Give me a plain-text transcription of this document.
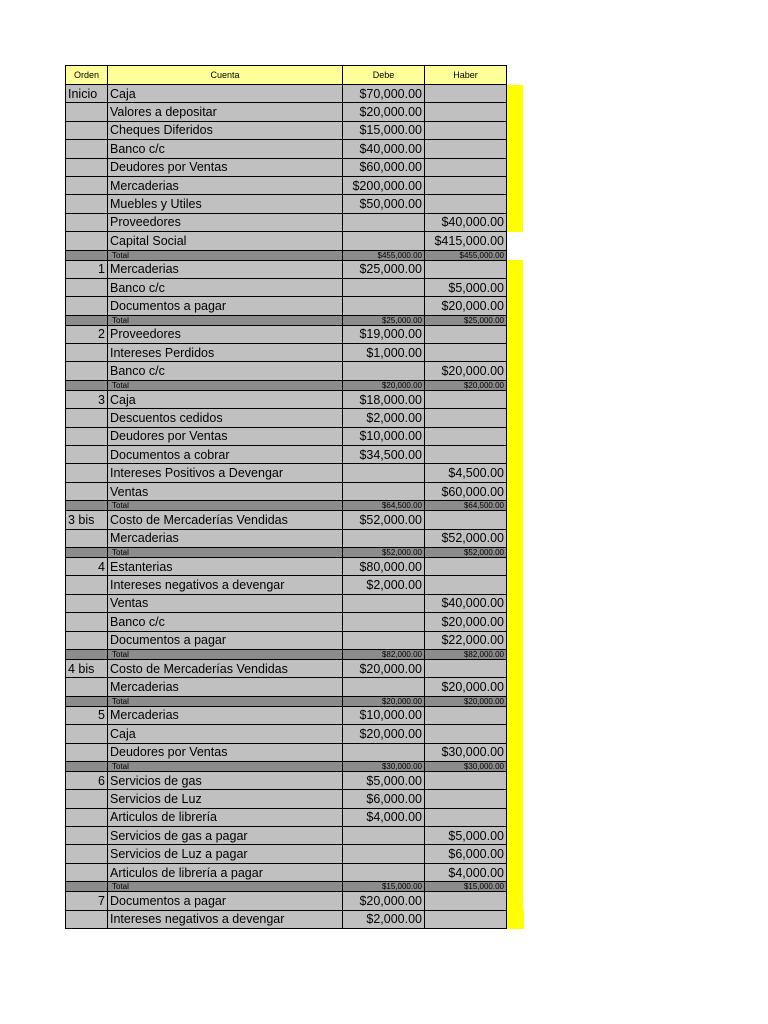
Orden	Cuenta	Debe	Haber	
Inicio	Caja	$70,000.00		
	Valores a depositar	$20,000.00		
	Cheques Diferidos	$15,000.00		
	Banco c/c	$40,000.00		
	Deudores por Ventas	$60,000.00		
	Mercaderias	$200,000.00		
	Muebles y Utiles	$50,000.00		
	Proveedores		$40,000.00	
	Capital Social		$415,000.00	
	Total	$455,000.00	$455,000.00	
1	Mercaderias	$25,000.00		
	Banco c/c		$5,000.00	
	Documentos a pagar		$20,000.00	
	Total	$25,000.00	$25,000.00	
2	Proveedores	$19,000.00		
	Intereses Perdidos	$1,000.00		
	Banco c/c		$20,000.00	
	Total	$20,000.00	$20,000.00	
3	Caja	$18,000.00		
	Descuentos cedidos	$2,000.00		
	Deudores por Ventas	$10,000.00		
	Documentos a cobrar	$34,500.00		
	Intereses Positivos a Devengar		$4,500.00	
	Ventas		$60,000.00	
	Total	$64,500.00	$64,500.00	
3 bis	Costo de Mercaderías Vendidas	$52,000.00		
	Mercaderias		$52,000.00	
	Total	$52,000.00	$52,000.00	
4	Estanterias	$80,000.00		
	Intereses negativos a devengar	$2,000.00		
	Ventas		$40,000.00	
	Banco c/c		$20,000.00	
	Documentos a pagar		$22,000.00	
	Total	$82,000.00	$82,000.00	
4 bis	Costo de Mercaderías Vendidas	$20,000.00		
	Mercaderias		$20,000.00	
	Total	$20,000.00	$20,000.00	
5	Mercaderias	$10,000.00		
	Caja	$20,000.00		
	Deudores por Ventas		$30,000.00	
	Total	$30,000.00	$30,000.00	
6	Servicios de gas	$5,000.00		
	Servicios de Luz	$6,000.00		
	Articulos de librería	$4,000.00		
	Servicios de gas a pagar		$5,000.00	
	Servicios de Luz a pagar		$6,000.00	
	Articulos de librería a pagar		$4,000.00	
	Total	$15,000.00	$15,000.00	
7	Documentos a pagar	$20,000.00		
	Intereses negativos a devengar	$2,000.00		
